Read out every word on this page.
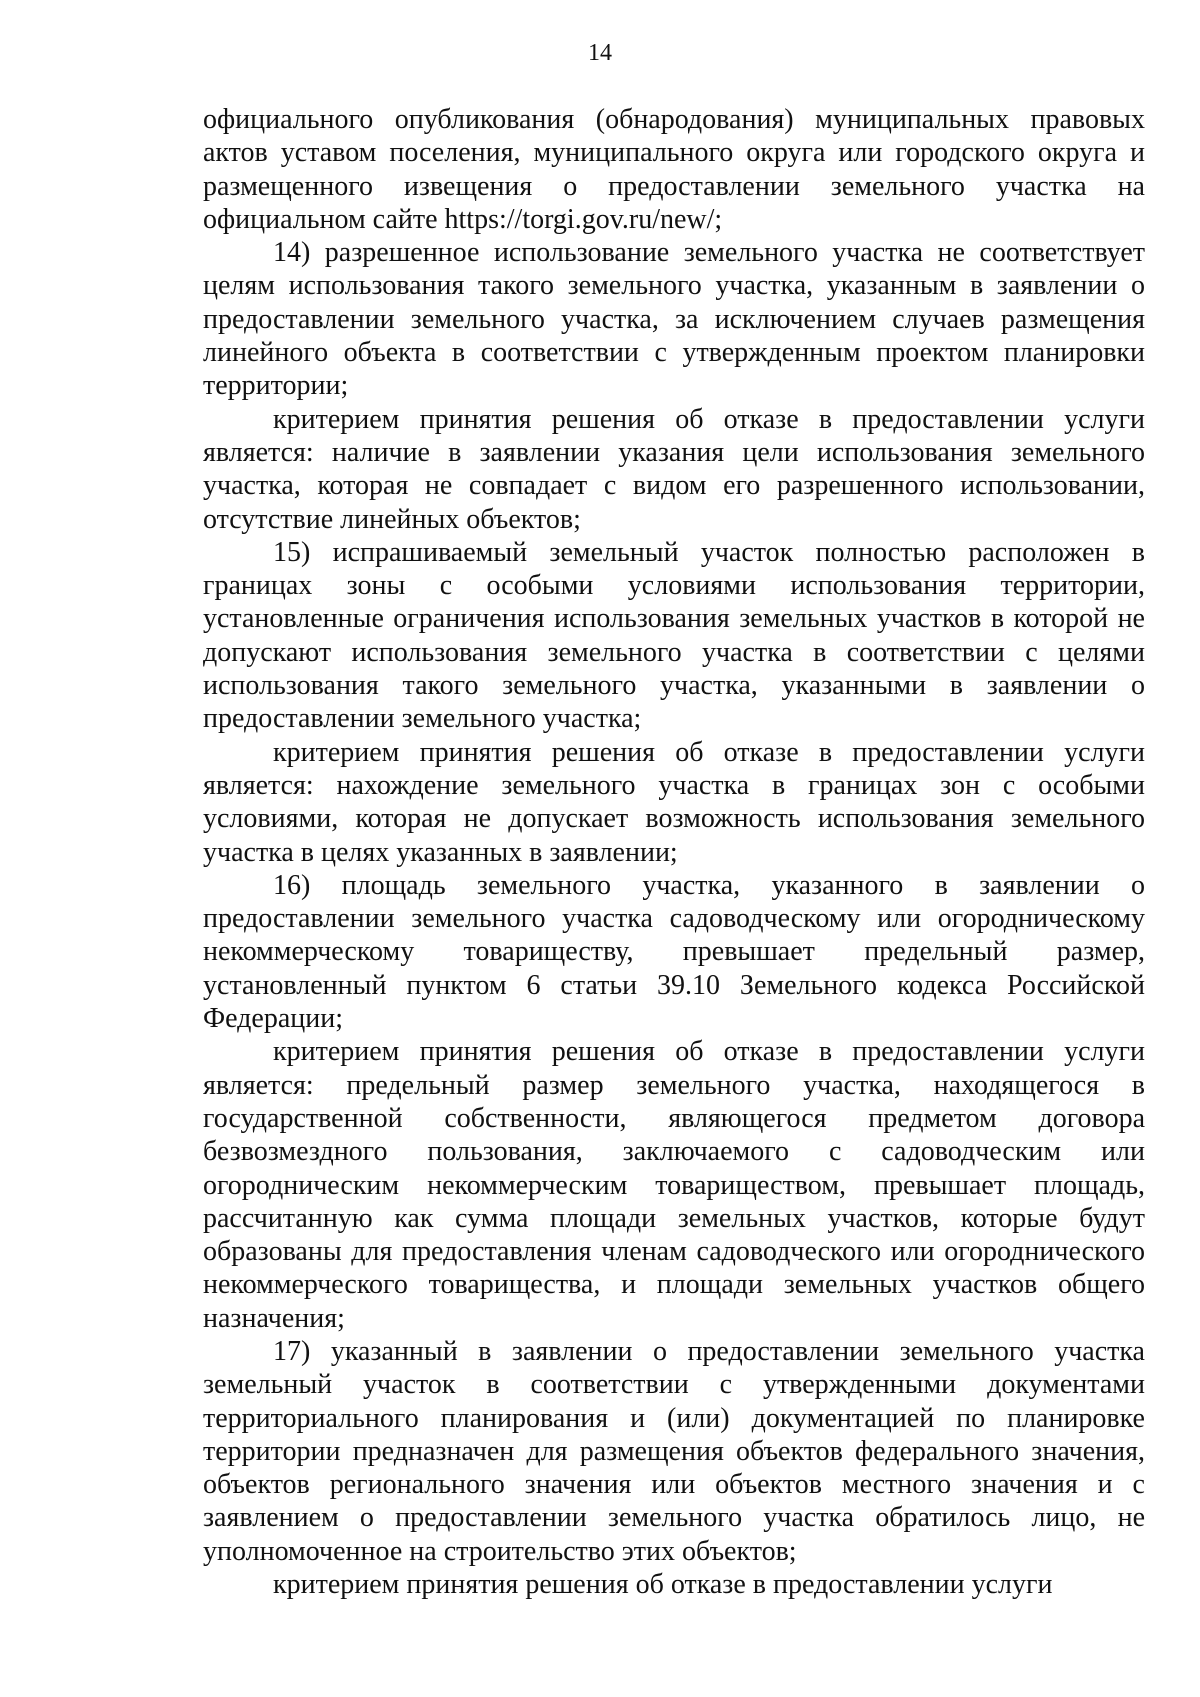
14

официального опубликования (обнародования) муниципальных правовых актов уставом поселения, муниципального округа или городского округа и размещенного извещения о предоставлении земельного участка на официальном сайте https://torgi.gov.ru/new/;

14) разрешенное использование земельного участка не соответствует целям использования такого земельного участка, указанным в заявлении о предоставлении земельного участка, за исключением случаев размещения линейного объекта в соответствии с утвержденным проектом планировки территории;

критерием принятия решения об отказе в предоставлении услуги является: наличие в заявлении указания цели использования земельного участка, которая не совпадает с видом его разрешенного использовании, отсутствие линейных объектов;

15) испрашиваемый земельный участок полностью расположен в границах зоны с особыми условиями использования территории, установленные ограничения использования земельных участков в которой не допускают использования земельного участка в соответствии с целями использования такого земельного участка, указанными в заявлении о предоставлении земельного участка;

критерием принятия решения об отказе в предоставлении услуги является: нахождение земельного участка в границах зон с особыми условиями, которая не допускает возможность использования земельного участка в целях указанных в заявлении;

16) площадь земельного участка, указанного в заявлении о предоставлении земельного участка садоводческому или огородническому некоммерческому товариществу, превышает предельный размер, установленный пунктом 6 статьи 39.10 Земельного кодекса Российской Федерации;

критерием принятия решения об отказе в предоставлении услуги является: предельный размер земельного участка, находящегося в государственной собственности, являющегося предметом договора безвозмездного пользования, заключаемого с садоводческим или огородническим некоммерческим товариществом, превышает площадь, рассчитанную как сумма площади земельных участков, которые будут образованы для предоставления членам садоводческого или огороднического некоммерческого товарищества, и площади земельных участков общего назначения;

17) указанный в заявлении о предоставлении земельного участка земельный участок в соответствии с утвержденными документами территориального планирования и (или) документацией по планировке территории предназначен для размещения объектов федерального значения, объектов регионального значения или объектов местного значения и с заявлением о предоставлении земельного участка обратилось лицо, не уполномоченное на строительство этих объектов;

критерием принятия решения об отказе в предоставлении услуги
